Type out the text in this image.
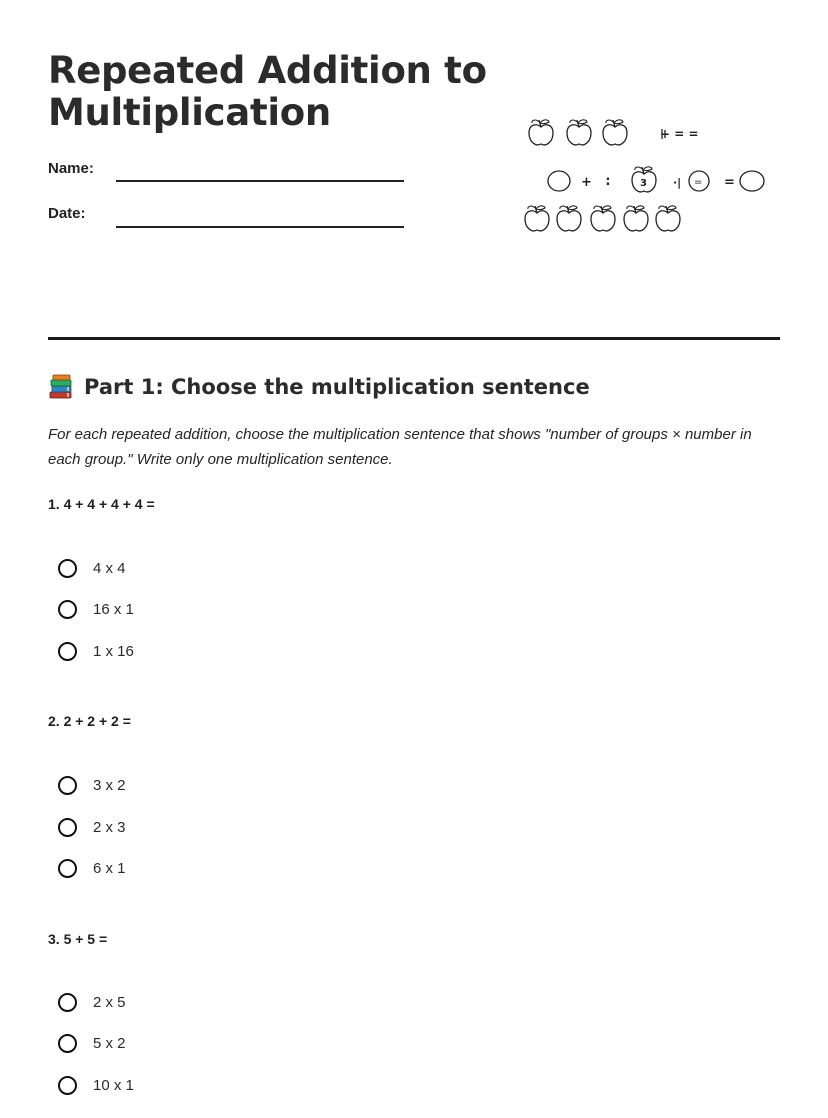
Repeated Addition to
Multiplication
Name:
Date:
+ = =
+ ∶	3 ·| = =
Part 1: Choose the multiplication sentence

For each repeated addition, choose the multiplication sentence that shows "number of groups × number in each group." Write only one multiplication sentence.

1. 4 + 4 + 4 + 4 =
4 x 4
16 x 1
1 x 16
2. 2 + 2 + 2 =
3 x 2
2 x 3
6 x 1
3. 5 + 5 =
2 x 5
5 x 2
10 x 1
